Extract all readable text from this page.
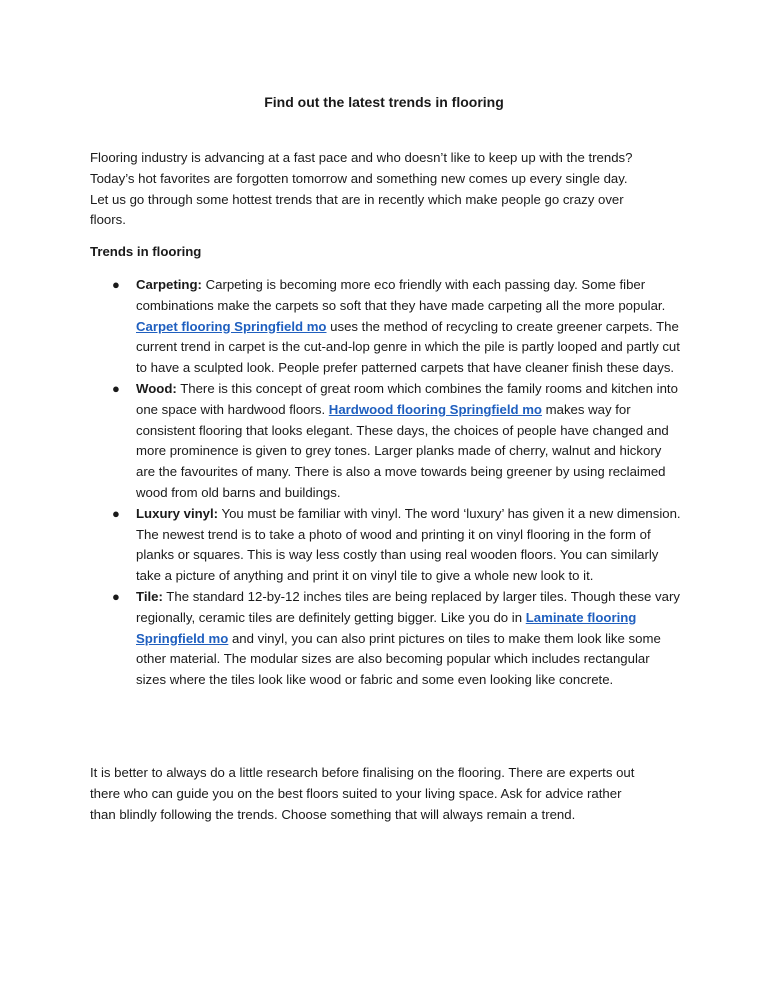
Find out the latest trends in flooring

Flooring industry is advancing at a fast pace and who doesn’t like to keep up with the trends?
Today’s hot favorites are forgotten tomorrow and something new comes up every single day.
Let us go through some hottest trends that are in recently which make people go crazy over
floors.

Trends in flooring
● Carpeting: Carpeting is becoming more eco friendly with each passing day. Some fiber combinations make the carpets so soft that they have made carpeting all the more popular. Carpet flooring Springfield mo uses the method of recycling to create greener carpets. The current trend in carpet is the cut-and-lop genre in which the pile is partly looped and partly cut to have a sculpted look. People prefer patterned carpets that have cleaner finish these days.
● Wood: There is this concept of great room which combines the family rooms and kitchen into one space with hardwood floors. Hardwood flooring Springfield mo makes way for consistent flooring that looks elegant. These days, the choices of people have changed and more prominence is given to grey tones. Larger planks made of cherry, walnut and hickory are the favourites of many. There is also a move towards being greener by using reclaimed wood from old barns and buildings.
● Luxury vinyl: You must be familiar with vinyl. The word ‘luxury’ has given it a new dimension. The newest trend is to take a photo of wood and printing it on vinyl flooring in the form of planks or squares. This is way less costly than using real wooden floors. You can similarly take a picture of anything and print it on vinyl tile to give a whole new look to it.
● Tile: The standard 12-by-12 inches tiles are being replaced by larger tiles. Though these vary regionally, ceramic tiles are definitely getting bigger. Like you do in Laminate flooring Springfield mo and vinyl, you can also print pictures on tiles to make them look like some other material. The modular sizes are also becoming popular which includes rectangular sizes where the tiles look like wood or fabric and some even looking like concrete.

It is better to always do a little research before finalising on the flooring. There are experts out
there who can guide you on the best floors suited to your living space. Ask for advice rather
than blindly following the trends. Choose something that will always remain a trend.
